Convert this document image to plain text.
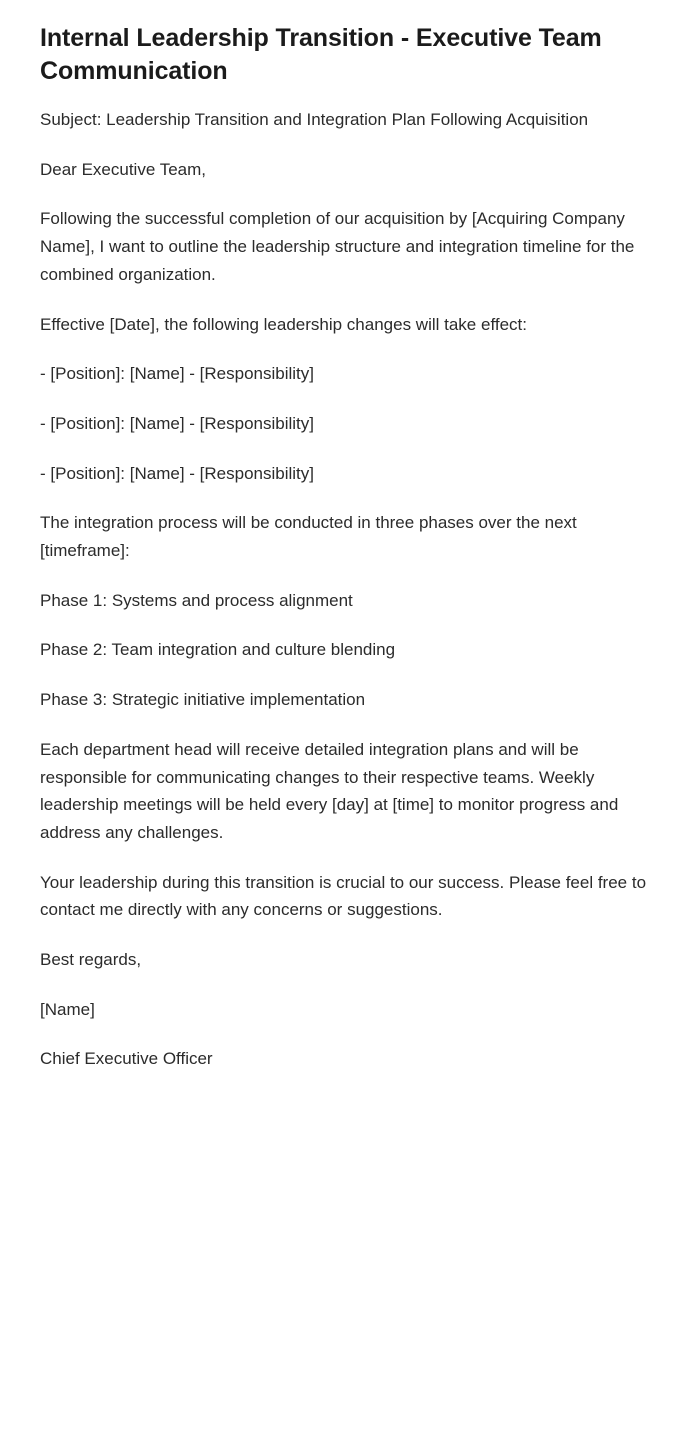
Internal Leadership Transition - Executive Team Communication

Subject: Leadership Transition and Integration Plan Following Acquisition

Dear Executive Team,

Following the successful completion of our acquisition by [Acquiring Company Name], I want to outline the leadership structure and integration timeline for the combined organization.

Effective [Date], the following leadership changes will take effect:

- [Position]: [Name] - [Responsibility]

- [Position]: [Name] - [Responsibility]

- [Position]: [Name] - [Responsibility]

The integration process will be conducted in three phases over the next [timeframe]:

Phase 1: Systems and process alignment

Phase 2: Team integration and culture blending

Phase 3: Strategic initiative implementation

Each department head will receive detailed integration plans and will be responsible for communicating changes to their respective teams. Weekly leadership meetings will be held every [day] at [time] to monitor progress and address any challenges.

Your leadership during this transition is crucial to our success. Please feel free to contact me directly with any concerns or suggestions.

Best regards,

[Name]

Chief Executive Officer
